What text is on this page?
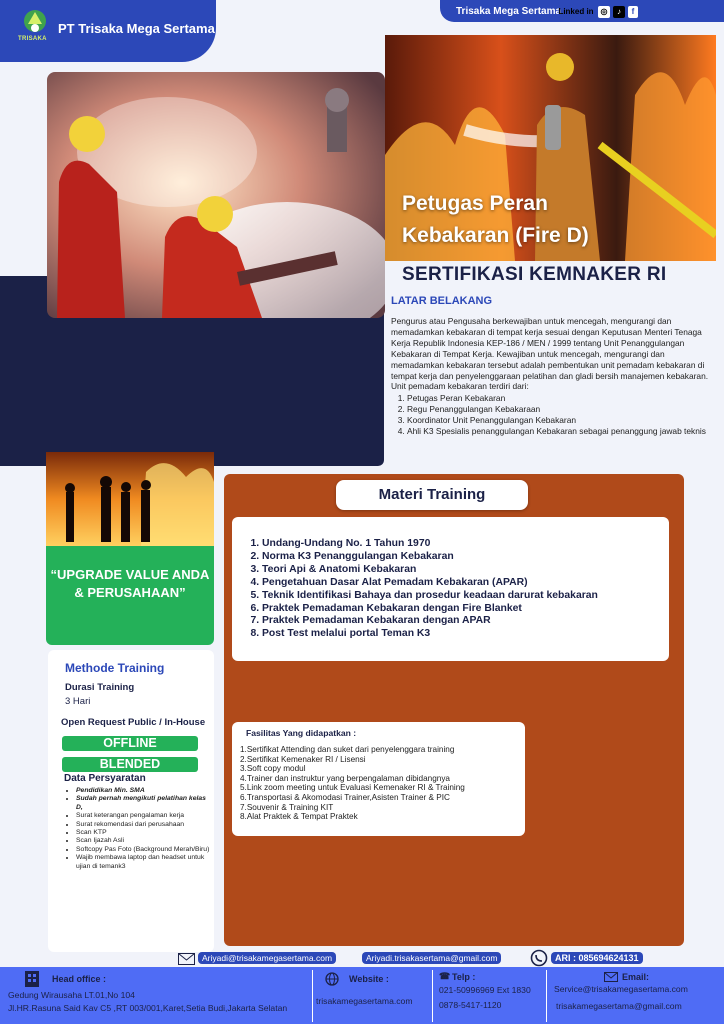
TRISAKA
PT Trisaka Mega Sertama
Trisaka Mega Sertama
Linked in ◎	♪	f
Petugas Peran
Kebakaran (Fire D)
SERTIFIKASI KEMNAKER RI
LATAR BELAKANG
Pengurus atau Pengusaha berkewajiban untuk mencegah, mengurangi dan memadamkan kebakaran di tempat kerja sesuai dengan Keputusan Menteri Tenaga Kerja Republik Indonesia KEP-186 / MEN / 1999 tentang Unit Penanggulangan Kebakaran di Tempat Kerja. Kewajiban untuk mencegah, mengurangi dan memadamkan kebakaran tersebut adalah pembentukan unit pemadam kebakaran di tempat kerja dan penyelenggaraan pelatihan dan gladi bersih manajemen kebakaran. Unit pemadam kebakaran terdiri dari:
1. Petugas Peran Kebakaran
2. Regu Penanggulangan Kebakaraan
3. Koordinator Unit Penanggulangan Kebakaran
4. Ahli K3 Spesialis penanggulangan Kebakaran sebagai penanggung jawab teknis
“UPGRADE VALUE ANDA & PERUSAHAAN”
Methode Training
Durasi Training
3 Hari
Open Request Public / In-House
OFFLINE
BLENDED
Data Persyaratan
• Pendidikan Min. SMA
• Sudah pernah mengikuti pelatihan kelas D,
• Surat keterangan pengalaman kerja
• Surat rekomendasi dari perusahaan
• Scan KTP
• Scan Ijazah Asli
• Softcopy Pas Foto (Background Merah/Biru)
• Wajib membawa laptop dan headset untuk ujian di temank3
Materi Training
1. Undang-Undang No. 1 Tahun 1970
2. Norma K3 Penanggulangan Kebakaran
3. Teori Api & Anatomi Kebakaran
4. Pengetahuan Dasar Alat Pemadam Kebakaran (APAR)
5. Teknik Identifikasi Bahaya dan prosedur keadaan darurat kebakaran
6. Praktek Pemadaman Kebakaran dengan Fire Blanket
7. Praktek Pemadaman Kebakaran dengan APAR
8. Post Test melalui portal Teman K3
Fasilitas Yang didapatkan :
1.Sertifikat Attending dan suket dari penyelenggara training
2.Sertifikat Kemenaker RI / Lisensi
3.Soft copy modul
4.Trainer dan instruktur yang berpengalaman dibidangnya
5.Link zoom meeting untuk Evaluasi Kemenaker RI & Training
6.Transportasi & Akomodasi Trainer,Asisten Trainer & PIC
7.Souvenir & Training KIT
8.Alat Praktek & Tempat Praktek
Ariyadi@trisakamegasertama.com	Ariyadi.trisakasertama@gmail.com	ARI : 085694624131
Head office :
Gedung Wirausaha LT.01,No 104
Jl.HR.Rasuna Said Kav C5 ,RT 003/001,Karet,Setia Budi,Jakarta Selatan
Website :
trisakamegasertama.com
☎ Telp :
021-50996969 Ext 1830
0878-5417-1120
Email:
Service@trisakamegasertama.com
trisakamegasertama@gmail.com
